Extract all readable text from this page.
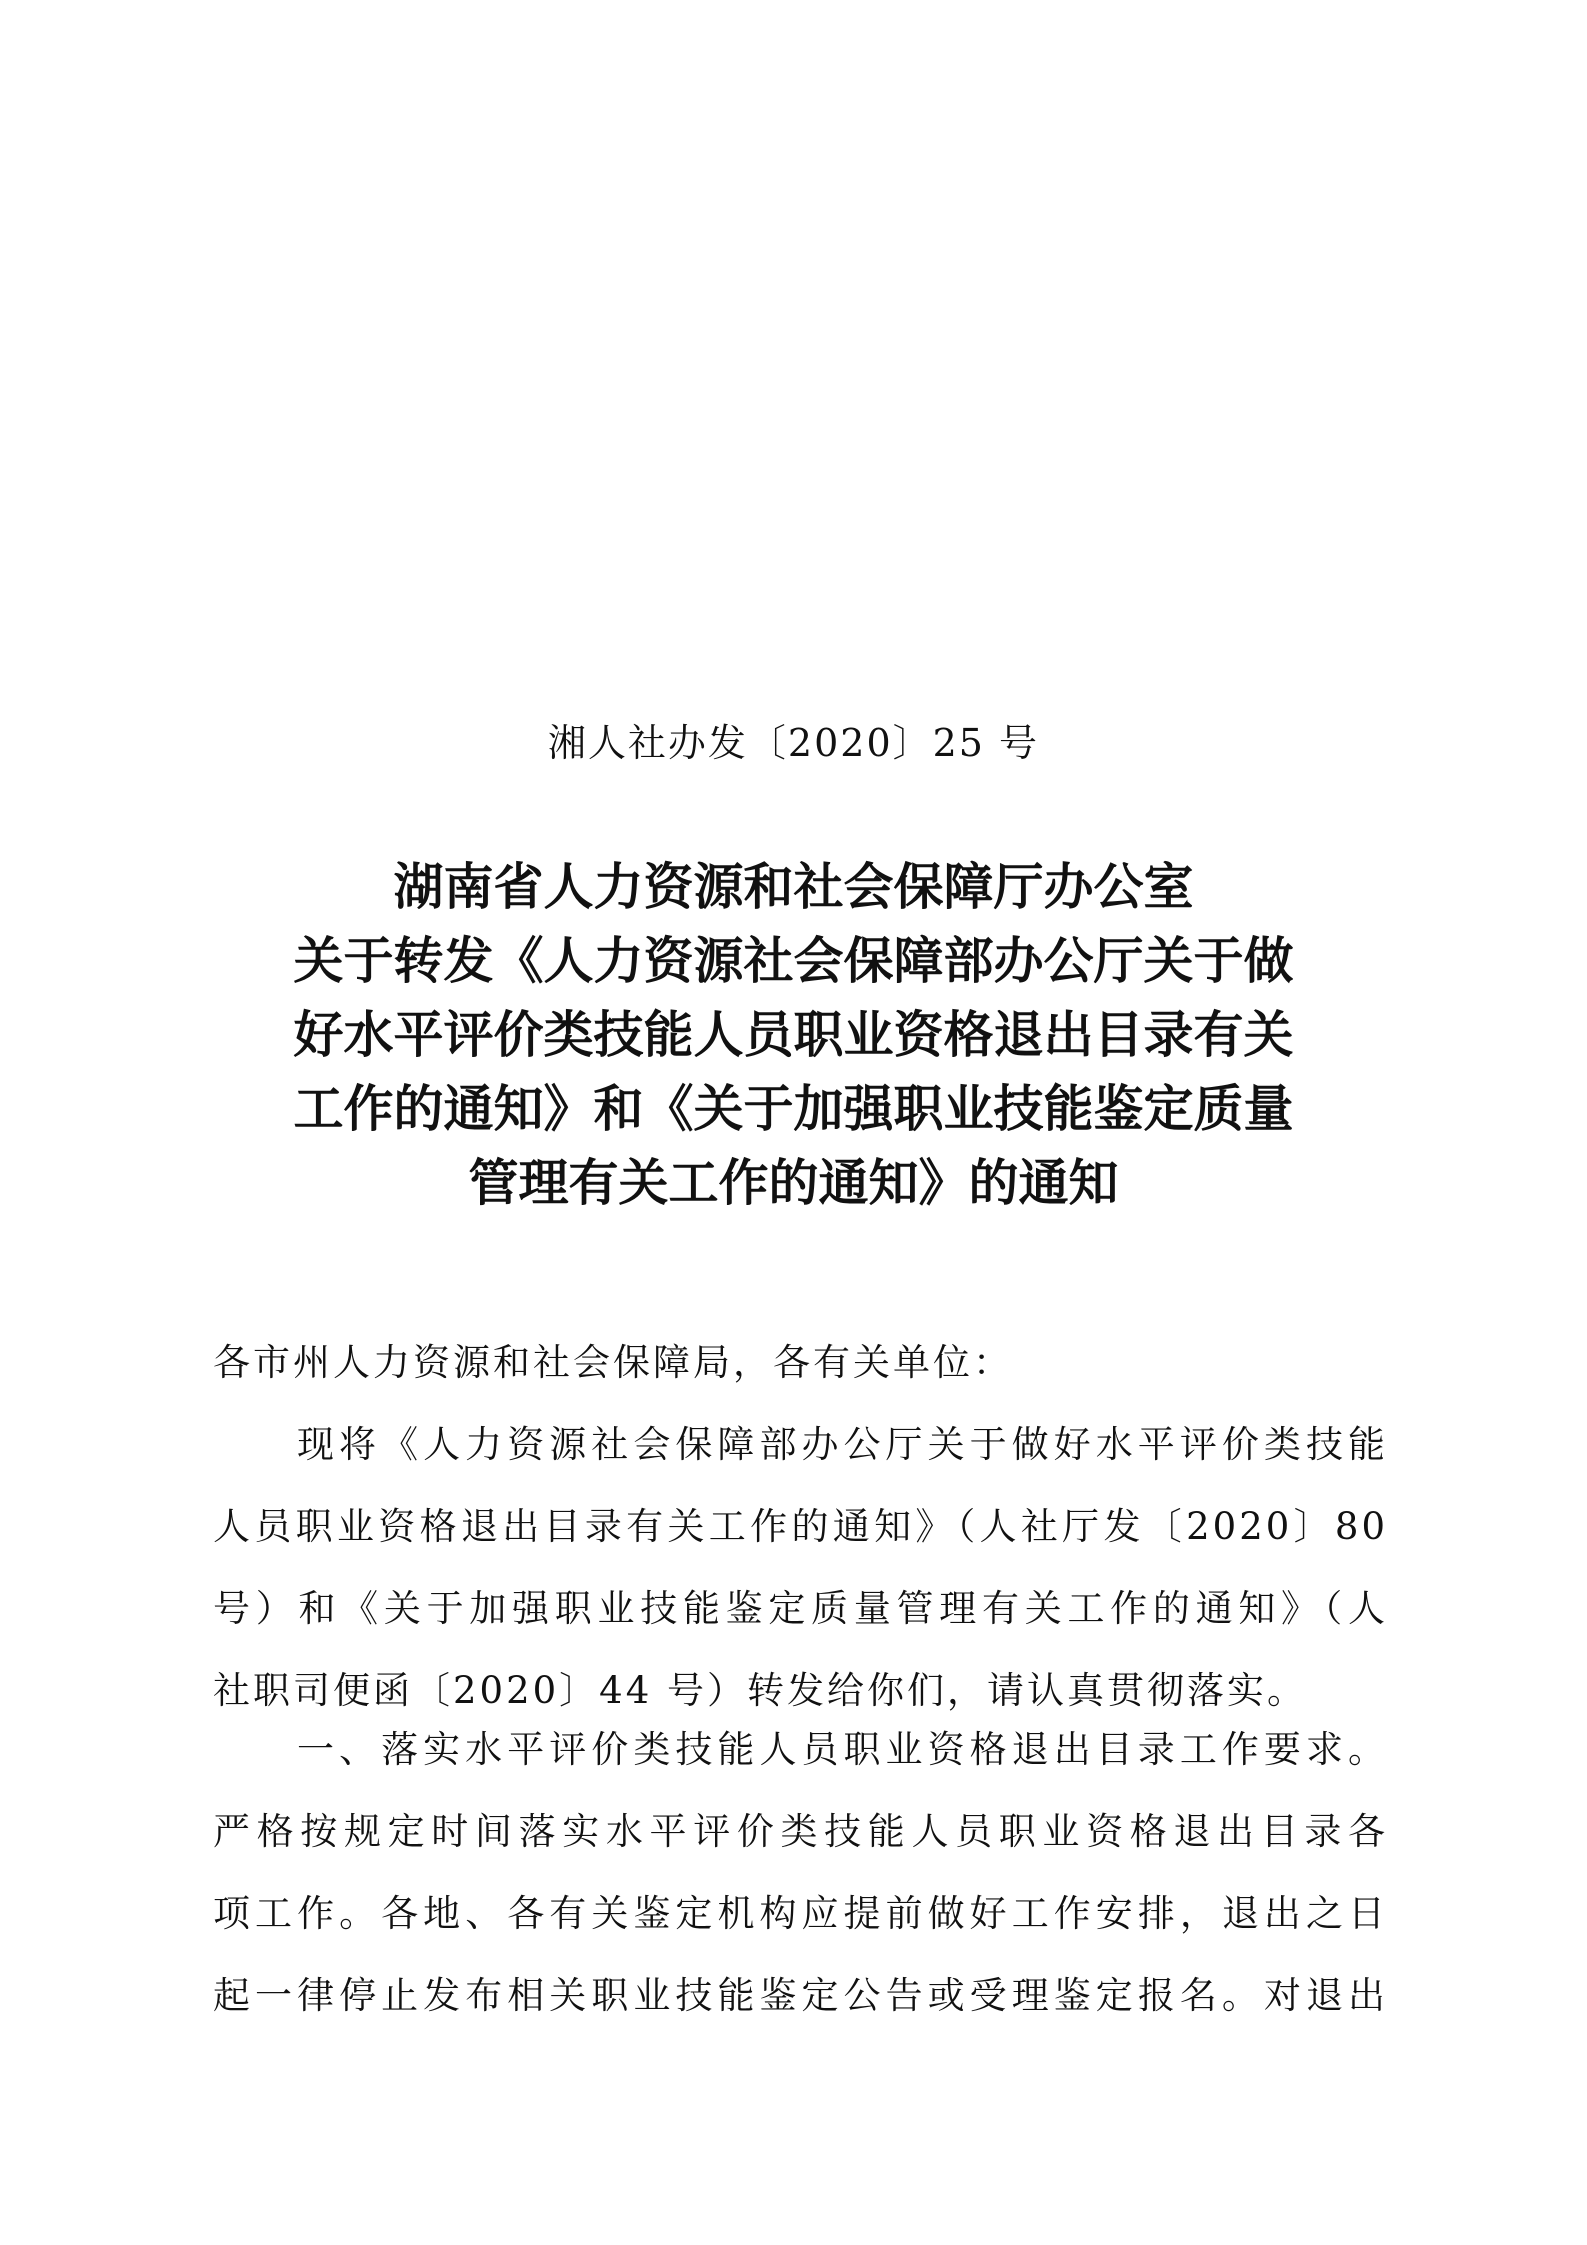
湘人社办发〔2020〕25 号
湖南省人力资源和社会保障厅办公室
关于转发《人力资源社会保障部办公厅关于做
好水平评价类技能人员职业资格退出目录有关
工作的通知》和《关于加强职业技能鉴定质量
管理有关工作的通知》的通知
各市州人力资源和社会保障局，各有关单位：
现将《人力资源社会保障部办公厅关于做好水平评价类技能
人员职业资格退出目录有关工作的通知》（人社厅发〔2020〕80
号）和《关于加强职业技能鉴定质量管理有关工作的通知》（人
社职司便函〔2020〕44 号）转发给你们，请认真贯彻落实。
一、落实水平评价类技能人员职业资格退出目录工作要求。
严格按规定时间落实水平评价类技能人员职业资格退出目录各
项工作。各地、各有关鉴定机构应提前做好工作安排，退出之日
起一律停止发布相关职业技能鉴定公告或受理鉴定报名。对退出
